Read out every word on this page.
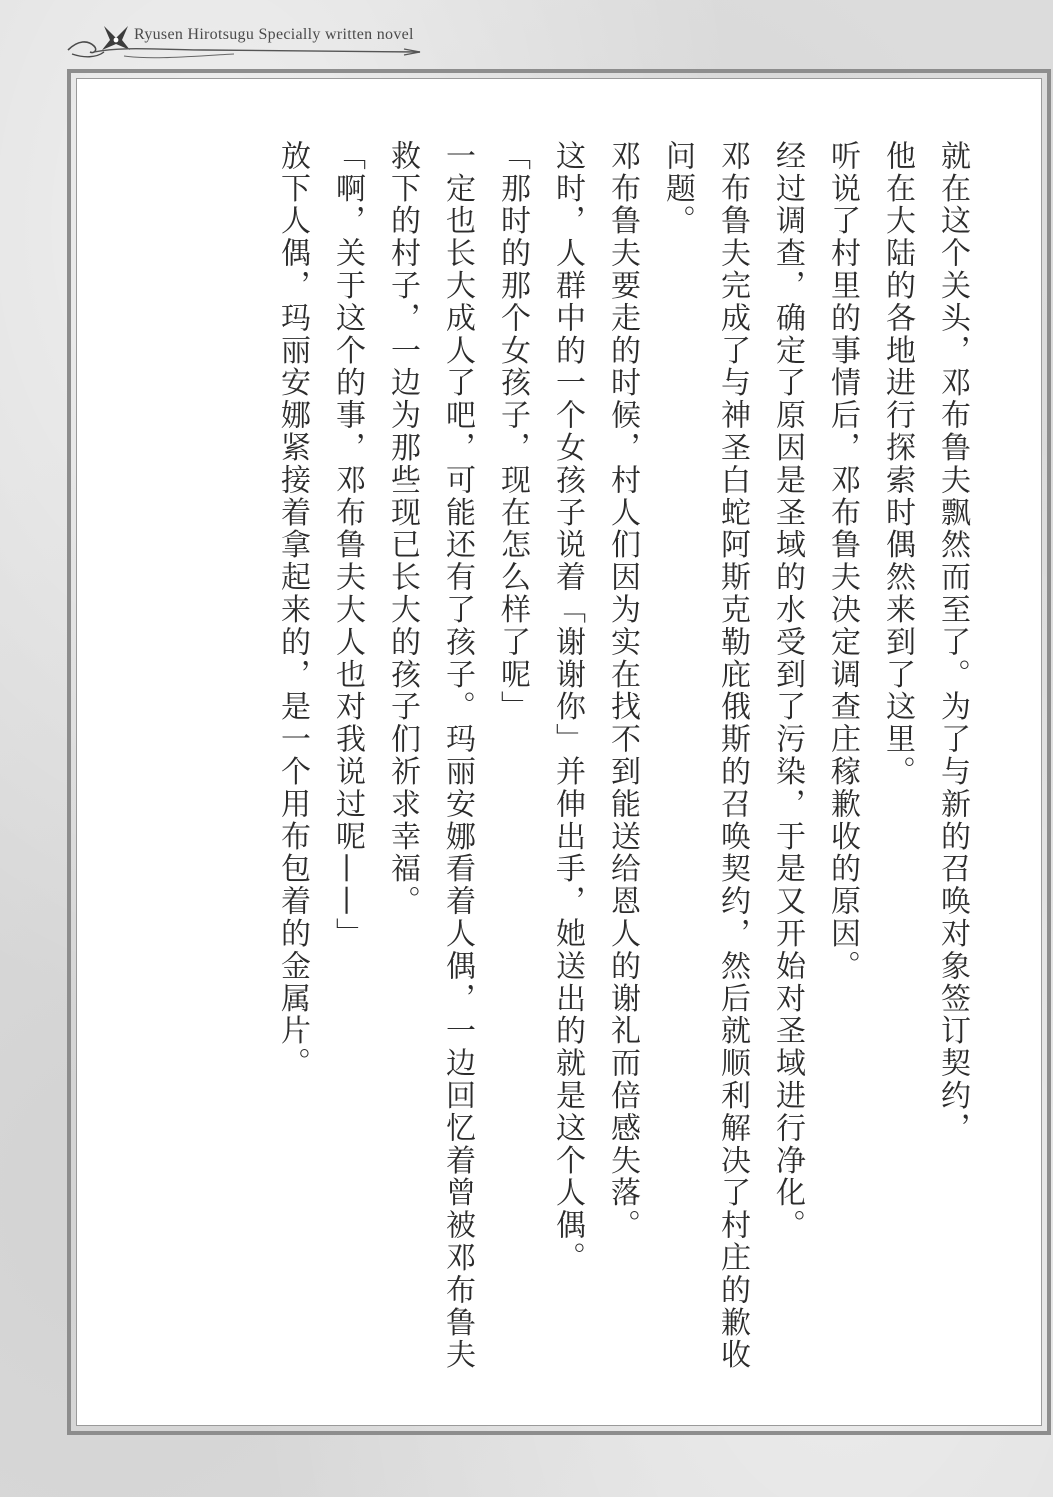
Ryusen Hirotsugu Specially written novel

就在这个关头，邓布鲁夫飘然而至了。为了与新的召唤对象签订契约，

他在大陆的各地进行探索时偶然来到了这里。

听说了村里的事情后，邓布鲁夫决定调查庄稼歉收的原因。

经过调查，确定了原因是圣域的水受到了污染，于是又开始对圣域进行净化。

邓布鲁夫完成了与神圣白蛇阿斯克勒庇俄斯的召唤契约，然后就顺利解决了村庄的歉收问题。

邓布鲁夫要走的时候，村人们因为实在找不到能送给恩人的谢礼而倍感失落。

这时，人群中的一个女孩子说着「谢谢你」并伸出手，她送出的就是这个人偶。

「那时的那个女孩子，现在怎么样了呢」

一定也长大成人了吧，可能还有了孩子。玛丽安娜看着人偶，一边回忆着曾被邓布鲁夫救下的村子，一边为那些现已长大的孩子们祈求幸福。

「啊，关于这个的事，邓布鲁夫大人也对我说过呢——」

放下人偶，玛丽安娜紧接着拿起来的，是一个用布包着的金属片。
